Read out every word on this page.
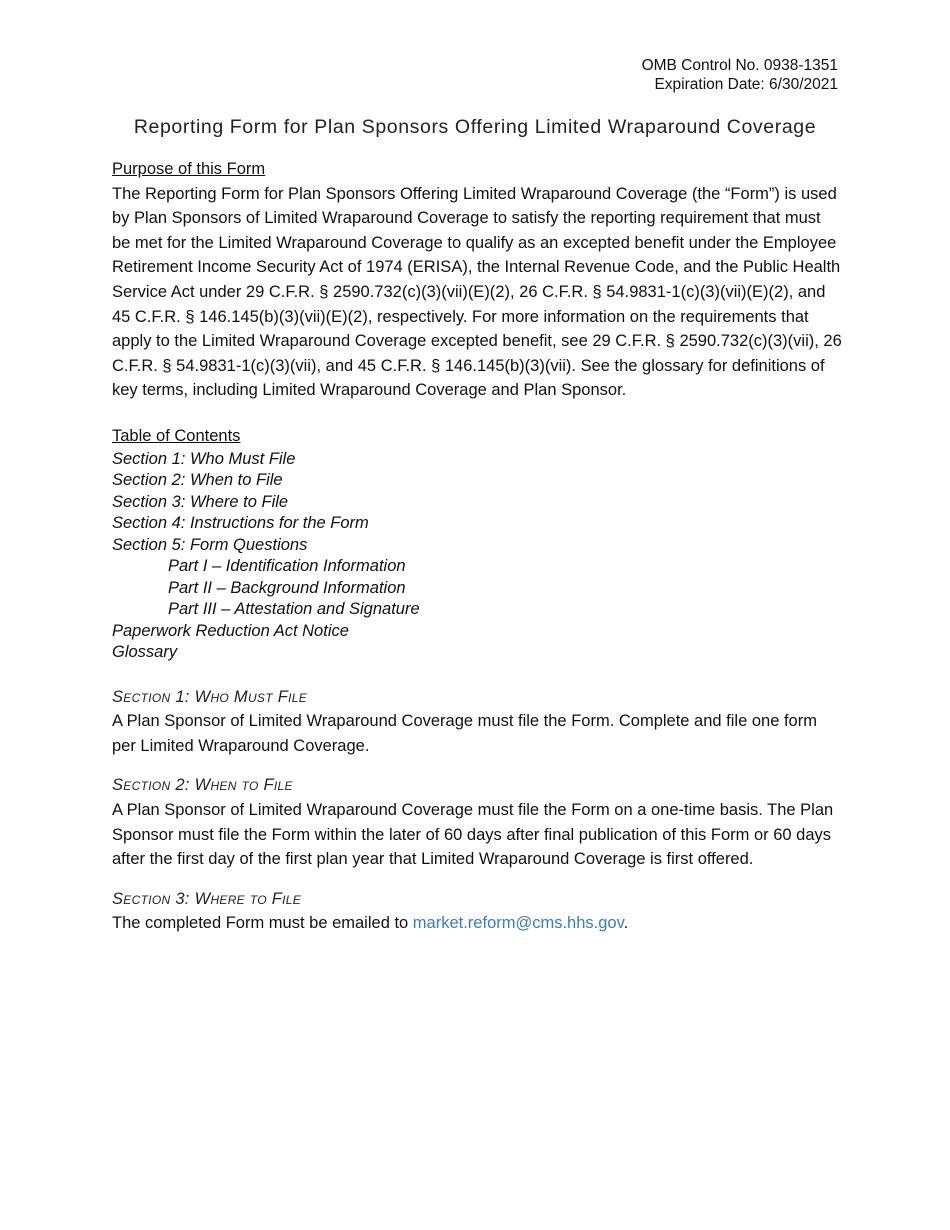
OMB Control No. 0938-1351
Expiration Date: 6/30/2021
Reporting Form for Plan Sponsors Offering Limited Wraparound Coverage
Purpose of this Form

The Reporting Form for Plan Sponsors Offering Limited Wraparound Coverage (the “Form”) is used by Plan Sponsors of Limited Wraparound Coverage to satisfy the reporting requirement that must be met for the Limited Wraparound Coverage to qualify as an excepted benefit under the Employee Retirement Income Security Act of 1974 (ERISA), the Internal Revenue Code, and the Public Health Service Act under 29 C.F.R. § 2590.732(c)(3)(vii)(E)(2), 26 C.F.R. § 54.9831-1(c)(3)(vii)(E)(2), and 45 C.F.R. § 146.145(b)(3)(vii)(E)(2), respectively. For more information on the requirements that apply to the Limited Wraparound Coverage excepted benefit, see 29 C.F.R. § 2590.732(c)(3)(vii), 26 C.F.R. § 54.9831-1(c)(3)(vii), and 45 C.F.R. § 146.145(b)(3)(vii). See the glossary for definitions of key terms, including Limited Wraparound Coverage and Plan Sponsor.

Table of Contents
Section 1: Who Must File
Section 2: When to File
Section 3: Where to File
Section 4: Instructions for the Form
Section 5: Form Questions
Part I – Identification Information
Part II – Background Information
Part III – Attestation and Signature
Paperwork Reduction Act Notice
Glossary
Section 1: Who Must File

A Plan Sponsor of Limited Wraparound Coverage must file the Form. Complete and file one form per Limited Wraparound Coverage.

Section 2: When to File

A Plan Sponsor of Limited Wraparound Coverage must file the Form on a one-time basis. The Plan Sponsor must file the Form within the later of 60 days after final publication of this Form or 60 days after the first day of the first plan year that Limited Wraparound Coverage is first offered.

Section 3: Where to File

The completed Form must be emailed to market.reform@cms.hhs.gov.
